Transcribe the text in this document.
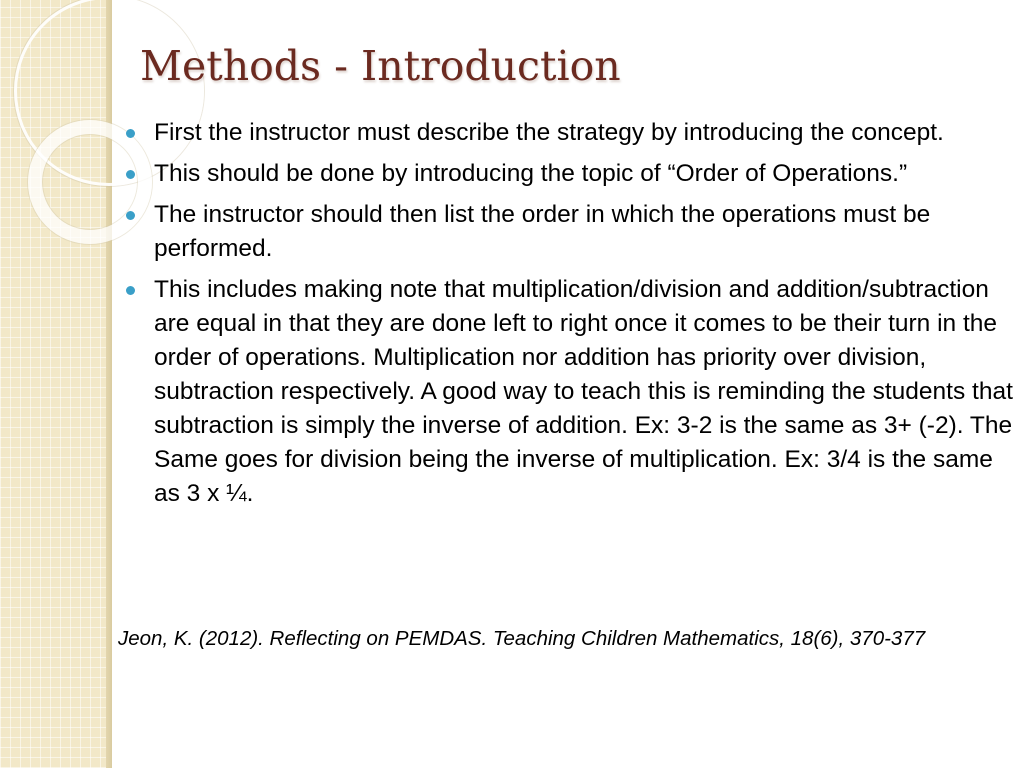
Methods - Introduction
First the instructor must describe the strategy by introducing the concept.
This should be done by introducing the topic of “Order of Operations.”
The instructor should then list the order in which the operations must be performed.
This includes making note that multiplication/division and addition/subtraction are equal in that they are done left to right once it comes to be their turn in the order of operations. Multiplication nor addition has priority over division, subtraction respectively. A good way to teach this is reminding the students that subtraction is simply the inverse of addition. Ex: 3-2 is the same as 3+ (-2). The Same goes for division being the inverse of multiplication. Ex: 3/4 is the same as 3 x ¼.

Jeon, K. (2012). Reflecting on PEMDAS. Teaching Children Mathematics, 18(6), 370-377
